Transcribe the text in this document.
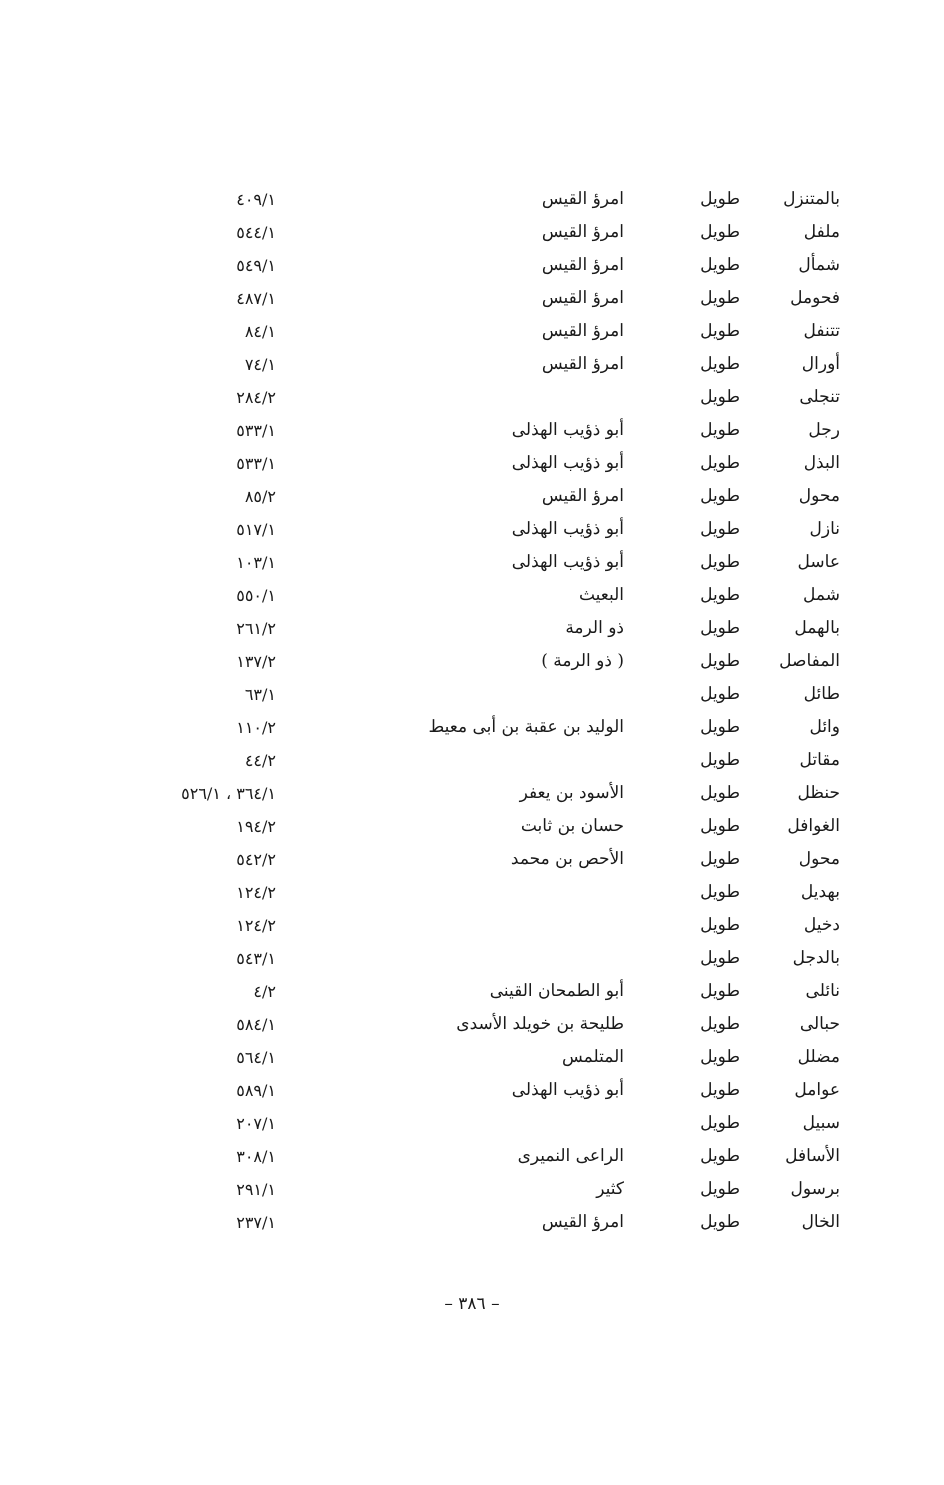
بالمتنزل
طويل
امرؤ القيس
٤٠٩/١
ملفل
طويل
امرؤ القيس
٥٤٤/١
شمأل
طويل
امرؤ القيس
٥٤٩/١
فحومل
طويل
امرؤ القيس
٤٨٧/١
تتنفل
طويل
امرؤ القيس
٨٤/١
أورال
طويل
امرؤ القيس
٧٤/١
تنجلى
طويل
٢٨٤/٢
رجل
طويل
أبو ذؤيب الهذلى
٥٣٣/١
البذل
طويل
أبو ذؤيب الهذلى
٥٣٣/١
محول
طويل
امرؤ القيس
٨٥/٢
نازل
طويل
أبو ذؤيب الهذلى
٥١٧/١
عاسل
طويل
أبو ذؤيب الهذلى
١٠٣/١
شمل
طويل
البعيث
٥٥٠/١
بالهمل
طويل
ذو الرمة
٢٦١/٢
المفاصل
طويل
( ذو الرمة )
١٣٧/٢
طائل
طويل
٦٣/١
وائل
طويل
الوليد بن عقبة بن أبى معيط
١١٠/٢
مقاتل
طويل
٤٤/٢
حنظل
طويل
الأسود بن يعفر
٣٦٤/١ ، ٥٢٦/١
الغوافل
طويل
حسان بن ثابت
١٩٤/٢
محول
طويل
الأحص بن محمد
٥٤٢/٢
بهديل
طويل
١٢٤/٢
دخيل
طويل
١٢٤/٢
بالدجل
طويل
٥٤٣/١
نائلى
طويل
أبو الطمحان القينى
٤/٢
حبالى
طويل
طليحة بن خويلد الأسدى
٥٨٤/١
مضلل
طويل
المتلمس
٥٦٤/١
عوامل
طويل
أبو ذؤيب الهذلى
٥٨٩/١
سبيل
طويل
٢٠٧/١
الأسافل
طويل
الراعى النميرى
٣٠٨/١
برسول
طويل
كثير
٢٩١/١
الخال
طويل
امرؤ القيس
٢٣٧/١
– ٣٨٦ –
